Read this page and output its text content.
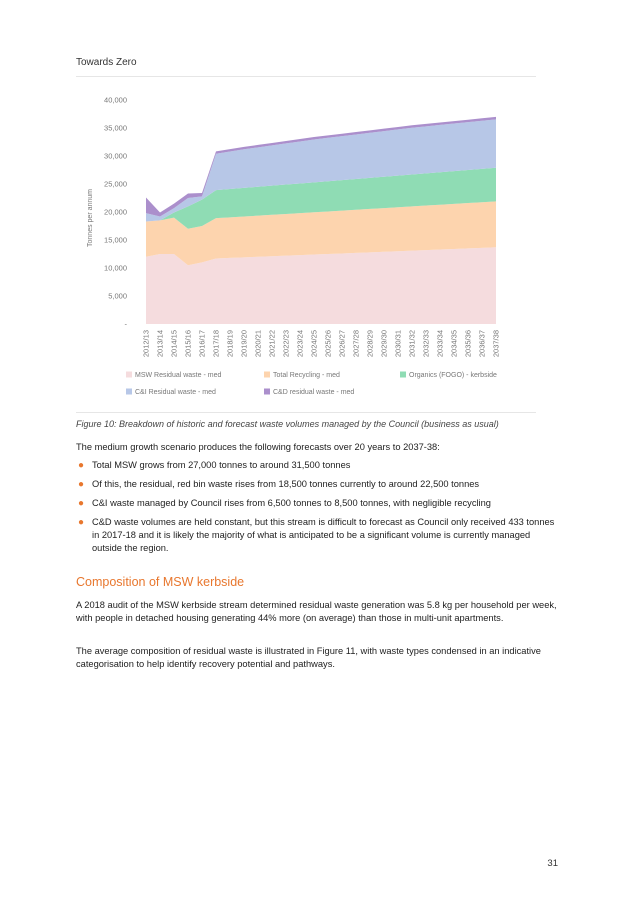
Towards Zero
-
5,000
10,000
15,000
20,000
25,000
30,000
35,000
40,000
Tonnes per annum
2012/13 2013/14 2014/15 2015/16 2016/17 2017/18 2018/19 2019/20 2020/21 2021/22 2022/23 2023/24 2024/25 2025/26 2026/27 2027/28 2028/29 2029/30 2030/31 2031/32 2032/33 2033/34 2034/35 2035/36 2036/37 2037/38
MSW Residual waste - med	Total Recycling - med	Organics (FOGO) - kerbside
C&I Residual waste - med	C&D residual waste - med
Figure 10: Breakdown of historic and forecast waste volumes managed by the Council (business as usual)
The medium growth scenario produces the following forecasts over 20 years to 2037-38:
● Total MSW grows from 27,000 tonnes to around 31,500 tonnes
● Of this, the residual, red bin waste rises from 18,500 tonnes currently to around 22,500 tonnes
● C&I waste managed by Council rises from 6,500 tonnes to 8,500 tonnes, with negligible recycling
● C&D waste volumes are held constant, but this stream is difficult to forecast as Council only received 433 tonnes in 2017-18 and it is likely the majority of what is anticipated to be a significant volume is currently managed outside the region.
Composition of MSW kerbside
A 2018 audit of the MSW kerbside stream determined residual waste generation was 5.8 kg per household per week, with people in detached housing generating 44% more (on average) than those in multi-unit apartments.
The average composition of residual waste is illustrated in Figure 11, with waste types condensed in an indicative categorisation to help identify recovery potential and pathways.
31
